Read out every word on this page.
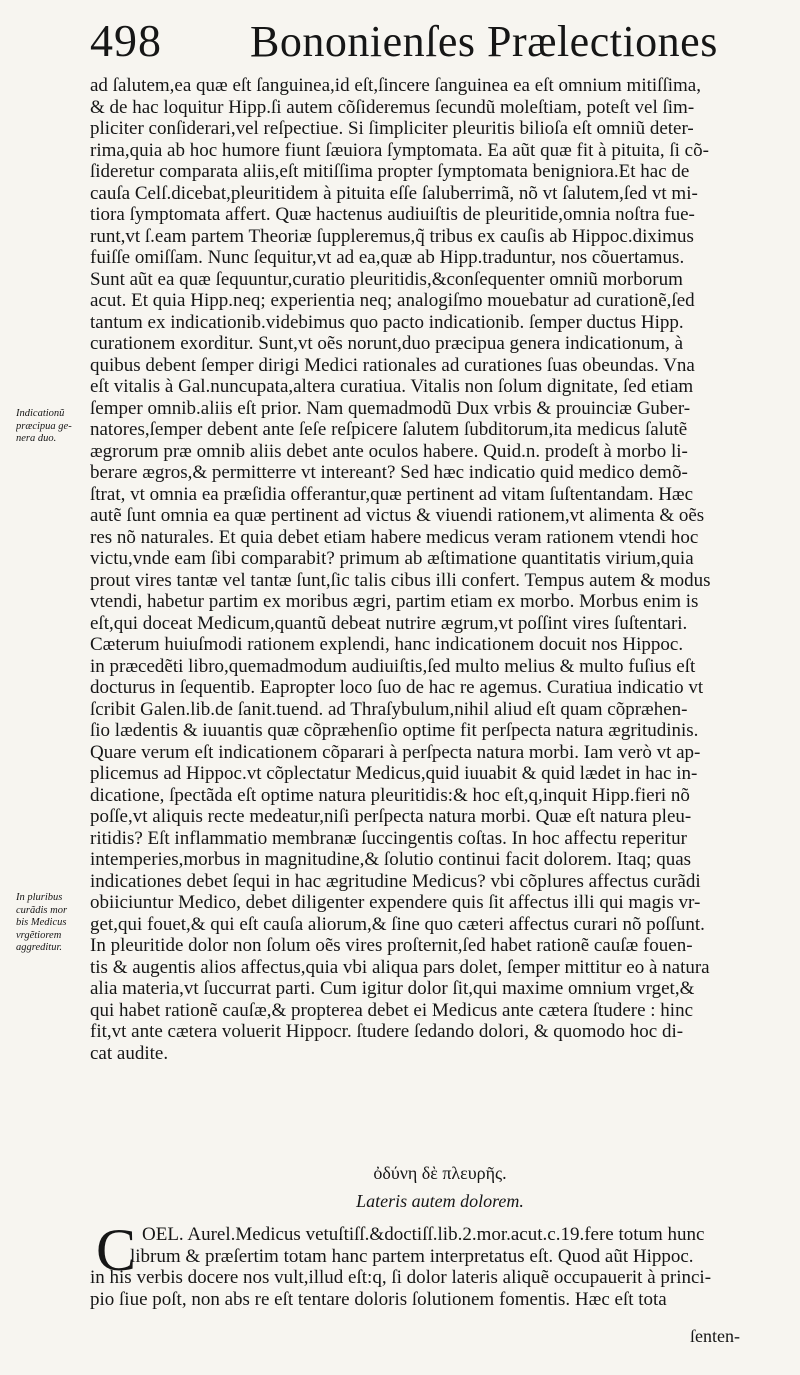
498 Bononienſes Prælectiones
ad ſalutem,ea quæ eſt ſanguinea,id eſt,ſincere ſanguinea ea eſt omnium mitiſſima,
& de hac loquitur Hipp.ſi autem cõſideremus ſecundũ moleſtiam, poteſt vel ſim-
pliciter conſiderari,vel reſpectiue. Si ſimpliciter pleuritis bilioſa eſt omniũ deter-
rima,quia ab hoc humore fiunt ſæuiora ſymptomata. Ea aũt quæ fit à pituita, ſi cõ-
ſideretur comparata aliis,eſt mitiſſima propter ſymptomata benigniora.Et hac de
cauſa Celſ.dicebat,pleuritidem à pituita eſſe ſaluberrimã, nõ vt ſalutem,ſed vt mi-
tiora ſymptomata affert. Quæ hactenus audiuiſtis de pleuritide,omnia noſtra fue-
runt,vt ſ.eam partem Theoriæ ſuppleremus,q̃ tribus ex cauſis ab Hippoc.diximus
fuiſſe omiſſam. Nunc ſequitur,vt ad ea,quæ ab Hipp.traduntur, nos cõuertamus.
Sunt aũt ea quæ ſequuntur,curatio pleuritidis,&conſequenter omniũ morborum
acut. Et quia Hipp.neq; experientia neq; analogiſmo mouebatur ad curationẽ,ſed
tantum ex indicationib.videbimus quo pacto indicationib. ſemper ductus Hipp.
curationem exorditur. Sunt,vt oẽs norunt,duo præcipua genera indicationum, à
quibus debent ſemper dirigi Medici rationales ad curationes ſuas obeundas. Vna
eſt vitalis à Gal.nuncupata,altera curatiua. Vitalis non ſolum dignitate, ſed etiam
ſemper omnib.aliis eſt prior. Nam quemadmodũ Dux vrbis & prouinciæ Guber-
natores,ſemper debent ante ſeſe reſpicere ſalutem ſubditorum,ita medicus ſalutẽ
ægrorum præ omnib aliis debet ante oculos habere. Quid.n. prodeſt à morbo li-
berare ægros,& permitterre vt intereant? Sed hæc indicatio quid medico demõ-
ſtrat, vt omnia ea præſidia offerantur,quæ pertinent ad vitam ſuſtentandam. Hæc
autẽ ſunt omnia ea quæ pertinent ad victus & viuendi rationem,vt alimenta & oẽs
res nõ naturales. Et quia debet etiam habere medicus veram rationem vtendi hoc
victu,vnde eam ſibi comparabit? primum ab æſtimatione quantitatis virium,quia
prout vires tantæ vel tantæ ſunt,ſic talis cibus illi confert. Tempus autem & modus
vtendi, habetur partim ex moribus ægri, partim etiam ex morbo. Morbus enim is
eſt,qui doceat Medicum,quantũ debeat nutrire ægrum,vt poſſint vires ſuſtentari.
Cæterum huiuſmodi rationem explendi, hanc indicationem docuit nos Hippoc.
in præcedẽti libro,quemadmodum audiuiſtis,ſed multo melius & multo fuſius eſt
docturus in ſequentib. Eapropter loco ſuo de hac re agemus. Curatiua indicatio vt
ſcribit Galen.lib.de ſanit.tuend. ad Thraſybulum,nihil aliud eſt quam cõpræhen-
ſio lædentis & iuuantis quæ cõpræhenſio optime fit perſpecta natura ægritudinis.
Quare verum eſt indicationem cõparari à perſpecta natura morbi. Iam verò vt ap-
plicemus ad Hippoc.vt cõplectatur Medicus,quid iuuabit & quid lædet in hac in-
dicatione, ſpectãda eſt optime natura pleuritidis:& hoc eſt,q,inquit Hipp.fieri nõ
poſſe,vt aliquis recte medeatur,niſi perſpecta natura morbi. Quæ eſt natura pleu-
ritidis? Eſt inflammatio membranæ ſuccingentis coſtas. In hoc affectu reperitur
intemperies,morbus in magnitudine,& ſolutio continui facit dolorem. Itaq; quas
indicationes debet ſequi in hac ægritudine Medicus? vbi cõplures affectus curãdi
obiiciuntur Medico, debet diligenter expendere quis ſit affectus illi qui magis vr-
get,qui fouet,& qui eſt cauſa aliorum,& ſine quo cæteri affectus curari nõ poſſunt.
In pleuritide dolor non ſolum oẽs vires proſternit,ſed habet rationẽ cauſæ fouen-
tis & augentis alios affectus,quia vbi aliqua pars dolet, ſemper mittitur eo à natura
alia materia,vt ſuccurrat parti. Cum igitur dolor ſit,qui maxime omnium vrget,&
qui habet rationẽ cauſæ,& propterea debet ei Medicus ante cætera ſtudere : hinc
fit,vt ante cætera voluerit Hippocr. ſtudere ſedando dolori, & quomodo hoc di-
cat audite.
Indicationũ
præcipua ge-
nera duo.
In pluribus
curãdis mor
bis Medicus
vrgẽtiorem
aggreditur.
ὀδύνη δὲ πλευρῆς.
Lateris autem dolorem.
C OEL. Aurel.Medicus vetuſtiſſ.&doctiſſ.lib.2.mor.acut.c.19.fere totum hunc
librum & præſertim totam hanc partem interpretatus eſt. Quod aũt Hippoc.
in his verbis docere nos vult,illud eſt:q, ſi dolor lateris aliquẽ occupauerit à princi-
pio ſiue poſt, non abs re eſt tentare doloris ſolutionem fomentis. Hæc eſt tota
ſenten-
